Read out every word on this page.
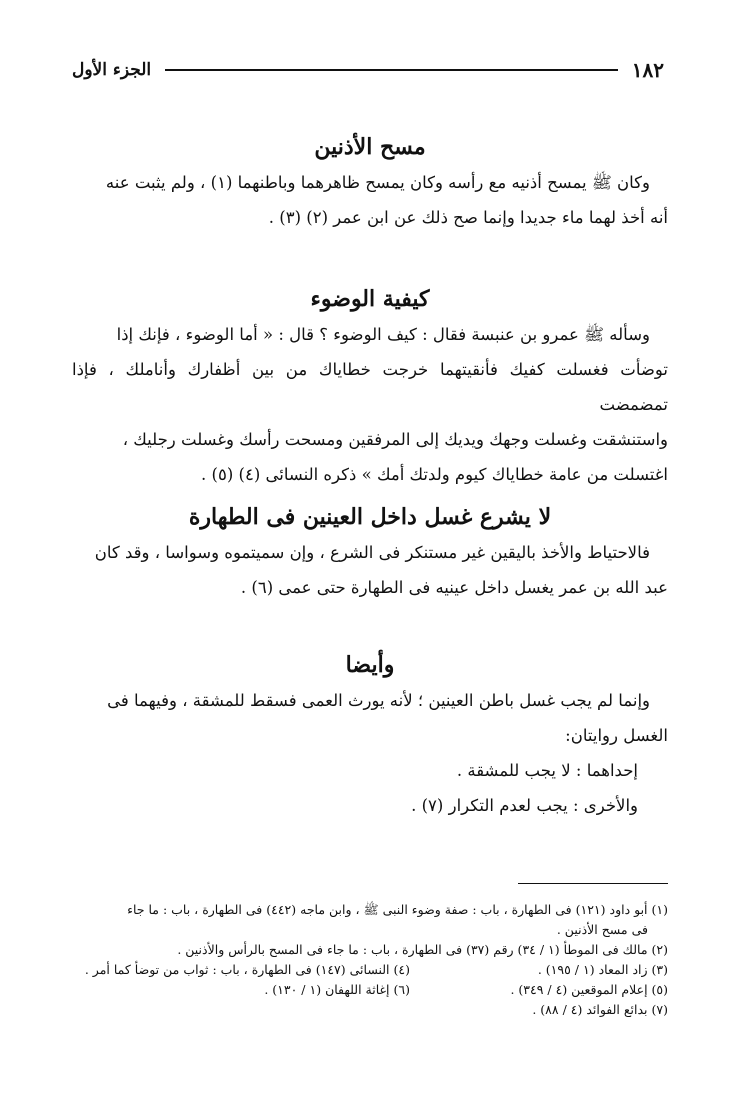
١٨٢
الجزء الأول
مسح الأذنين

وكان ﷺ يمسح أذنيه مع رأسه وكان يمسح ظاهرهما وباطنهما (١) ، ولم يثبت عنه

أنه أخذ لهما ماء جديدا وإنما صح ذلك عن ابن عمر (٢) (٣) .

كيفية الوضوء

وسأله ﷺ عمرو بن عنبسة فقال : كيف الوضوء ؟ قال : « أما الوضوء ، فإنك إذا

توضأت فغسلت كفيك فأنقيتهما خرجت خطاياك من بين أظفارك وأناملك ، فإذا تمضمضت

واستنشقت وغسلت وجهك ويديك إلى المرفقين ومسحت رأسك وغسلت رجليك ،

اغتسلت من عامة خطاياك كيوم ولدتك أمك » ذكره النسائى (٤) (٥) .

لا يشرع غسل داخل العينين فى الطهارة

فالاحتياط والأخذ باليقين غير مستنكر فى الشرع ، وإن سميتموه وسواسا ، وقد كان

عبد الله بن عمر يغسل داخل عينيه فى الطهارة حتى عمى (٦) .

وأيضا

وإنما لم يجب غسل باطن العينين ؛ لأنه يورث العمى فسقط للمشقة ، وفيهما فى

الغسل روايتان:

إحداهما : لا يجب للمشقة .

والأخرى : يجب لعدم التكرار (٧) .

(١) أبو داود (١٢١) فى الطهارة ، باب : صفة وضوء النبى ﷺ ، وابن ماجه (٤٤٢) فى الطهارة ، باب : ما جاء
فى مسح الأذنين .
(٢) مالك فى الموطأ (١ / ٣٤) رقم (٣٧) فى الطهارة ، باب : ما جاء فى المسح بالرأس والأذنين .
(٣) زاد المعاد (١ / ١٩٥) .
(٤) النسائى (١٤٧) فى الطهارة ، باب : ثواب من توضأ كما أمر .
(٥) إعلام الموقعين (٤ / ٣٤٩) .
(٦) إغاثة اللهفان (١ / ١٣٠) .
(٧) بدائع الفوائد (٤ / ٨٨) .
